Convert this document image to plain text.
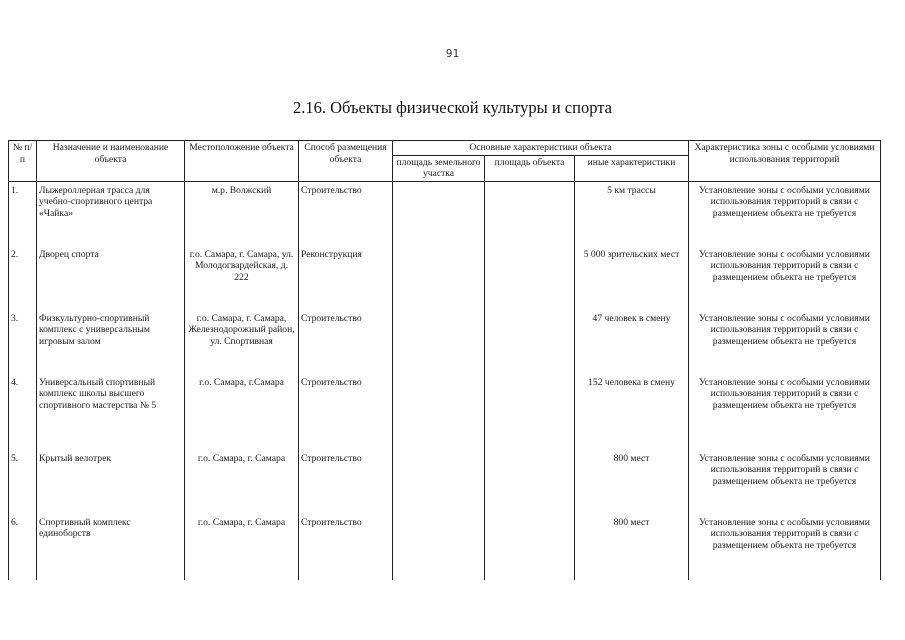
91
2.16. Объекты физической культуры и спорта
№ п/п	Назначение и наименование объекта	Местоположение объекта	Способ размещения объекта	Основные характеристики объекта			Характеристика зоны с особыми условиями использования территорий
				площадь земельного участка	площадь объекта	иные характеристики	
1.	Лыжероллерная трасса для учебно-спортивного центра «Чайка»	м.р. Волжский	Строительство			5 км трассы	Установление зоны с особыми условиями использования территорий в связи с размещением объекта не требуется
2.	Дворец спорта	г.о. Самара, г. Самара, ул. Молодогвардейская, д. 222	Реконструкция			5 000 зрительских мест	Установление зоны с особыми условиями использования территорий в связи с размещением объекта не требуется
3.	Физкультурно-спортивный комплекс с универсальным игровым залом	г.о. Самара, г. Самара, Железнодорожный район, ул. Спортивная	Строительство			47 человек в смену	Установление зоны с особыми условиями использования территорий в связи с размещением объекта не требуется
4.	Универсальный спортивный комплекс школы высшего спортивного мастерства № 5	г.о. Самара, г.Самара	Строительство			152 человека в смену	Установление зоны с особыми условиями использования территорий в связи с размещением объекта не требуется
5.	Крытый велотрек	г.о. Самара, г. Самара	Строительство			800 мест	Установление зоны с особыми условиями использования территорий в связи с размещением объекта не требуется
6.	Спортивный комплекс единоборств	г.о. Самара, г. Самара	Строительство			800 мест	Установление зоны с особыми условиями использования территорий в связи с размещением объекта не требуется
